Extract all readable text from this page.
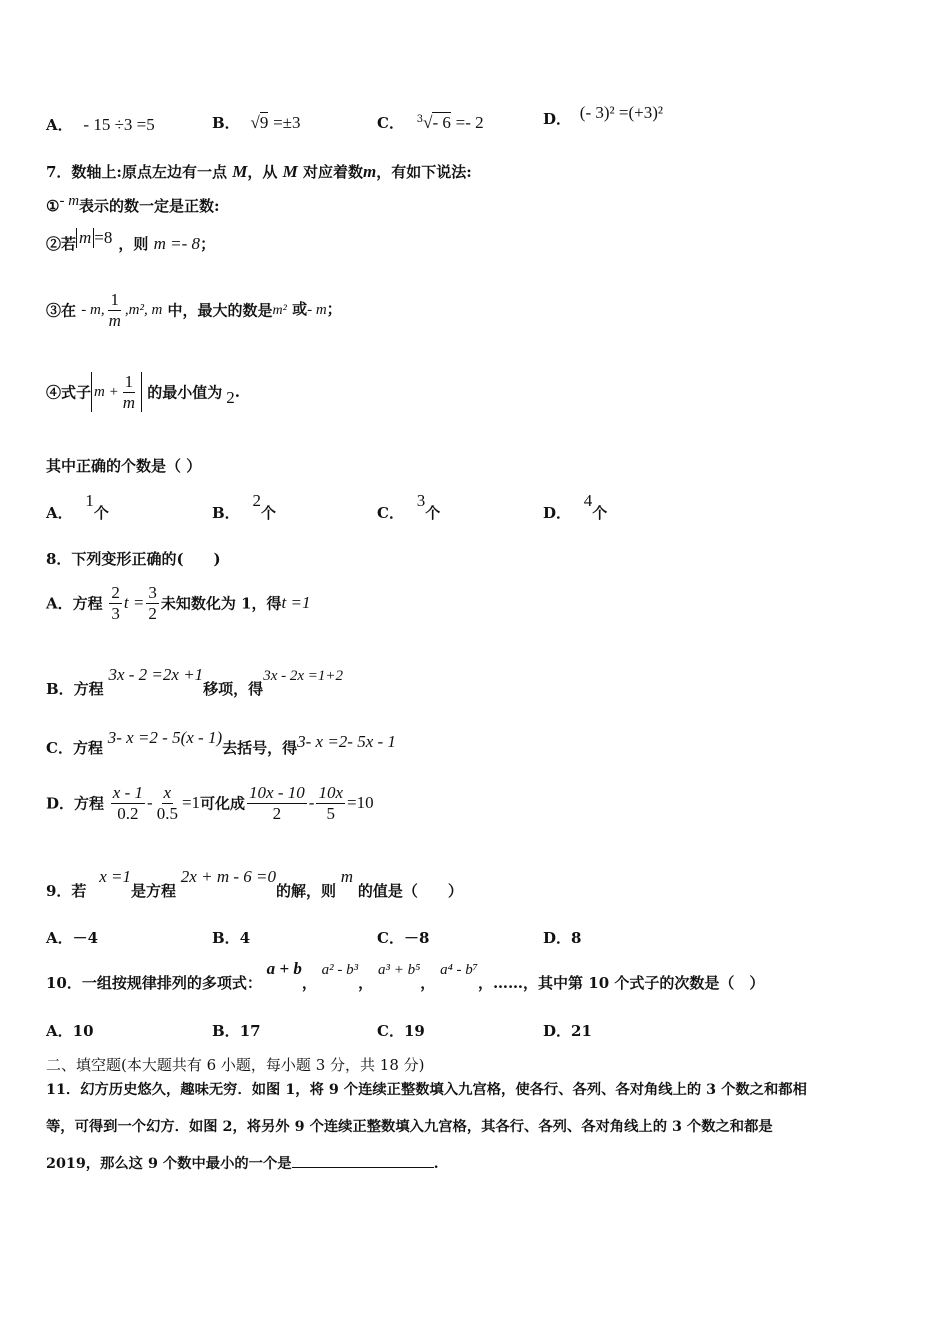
A． - 15 ÷3 =5	B． √9 =±3	C． $^3$√- 6 =- 2	D． (- 3)² =(+3)²
7．数轴上:原点左边有一点 M，从 M 对应着数m，有如下说法:
①- m表示的数一定是正数:
②若 m =8 ，则 m =- 8；
③在 - m, $\frac{1}{m} ,m^2$, m 中，最大的数是m² 或- m；
④式子 $m + \frac{1}{m}$ 的最小值为 2.
其中正确的个数是（ ）
A． 1个	B． 2个	C． 3个	D． 4个
8．下列变形正确的(　　)
A．方程 $\frac{2}{3}$ $t = \frac{3}{2}$ 未知数化为 1，得t =1
B．方程 3x - 2 =2x +1移项，得3x - 2x =1+2
C．方程 3- x =2 - 5(x - 1)去括号，得3- x =2- 5x - 1
D．方程 $\frac{x - 1}{0.2} - \frac{x}{0.5} =1$可化成 $\frac{10x - 10}{2} - \frac{10x}{5} =10$
9．若 x =1是方程 2x + m - 6 =0的解，则 m 的值是（　　）
A．－4	B．4	C．－8	D．8
10．一组按规律排列的多项式： a + b， a² - b³， a³ + b⁵， a⁴ - b⁷，……，其中第 10 个式子的次数是（　）
A．10	B．17	C．19	D．21
二、填空题(本大题共有 6 小题，每小题 3 分，共 18 分)
11．幻方历史悠久，趣味无穷．如图 1，将 9 个连续正整数填入九宫格，使各行、各列、各对角线上的 3 个数之和都相
等，可得到一个幻方．如图 2，将另外 9 个连续正整数填入九宫格，其各行、各列、各对角线上的 3 个数之和都是
2019，那么这 9 个数中最小的一个是	.
